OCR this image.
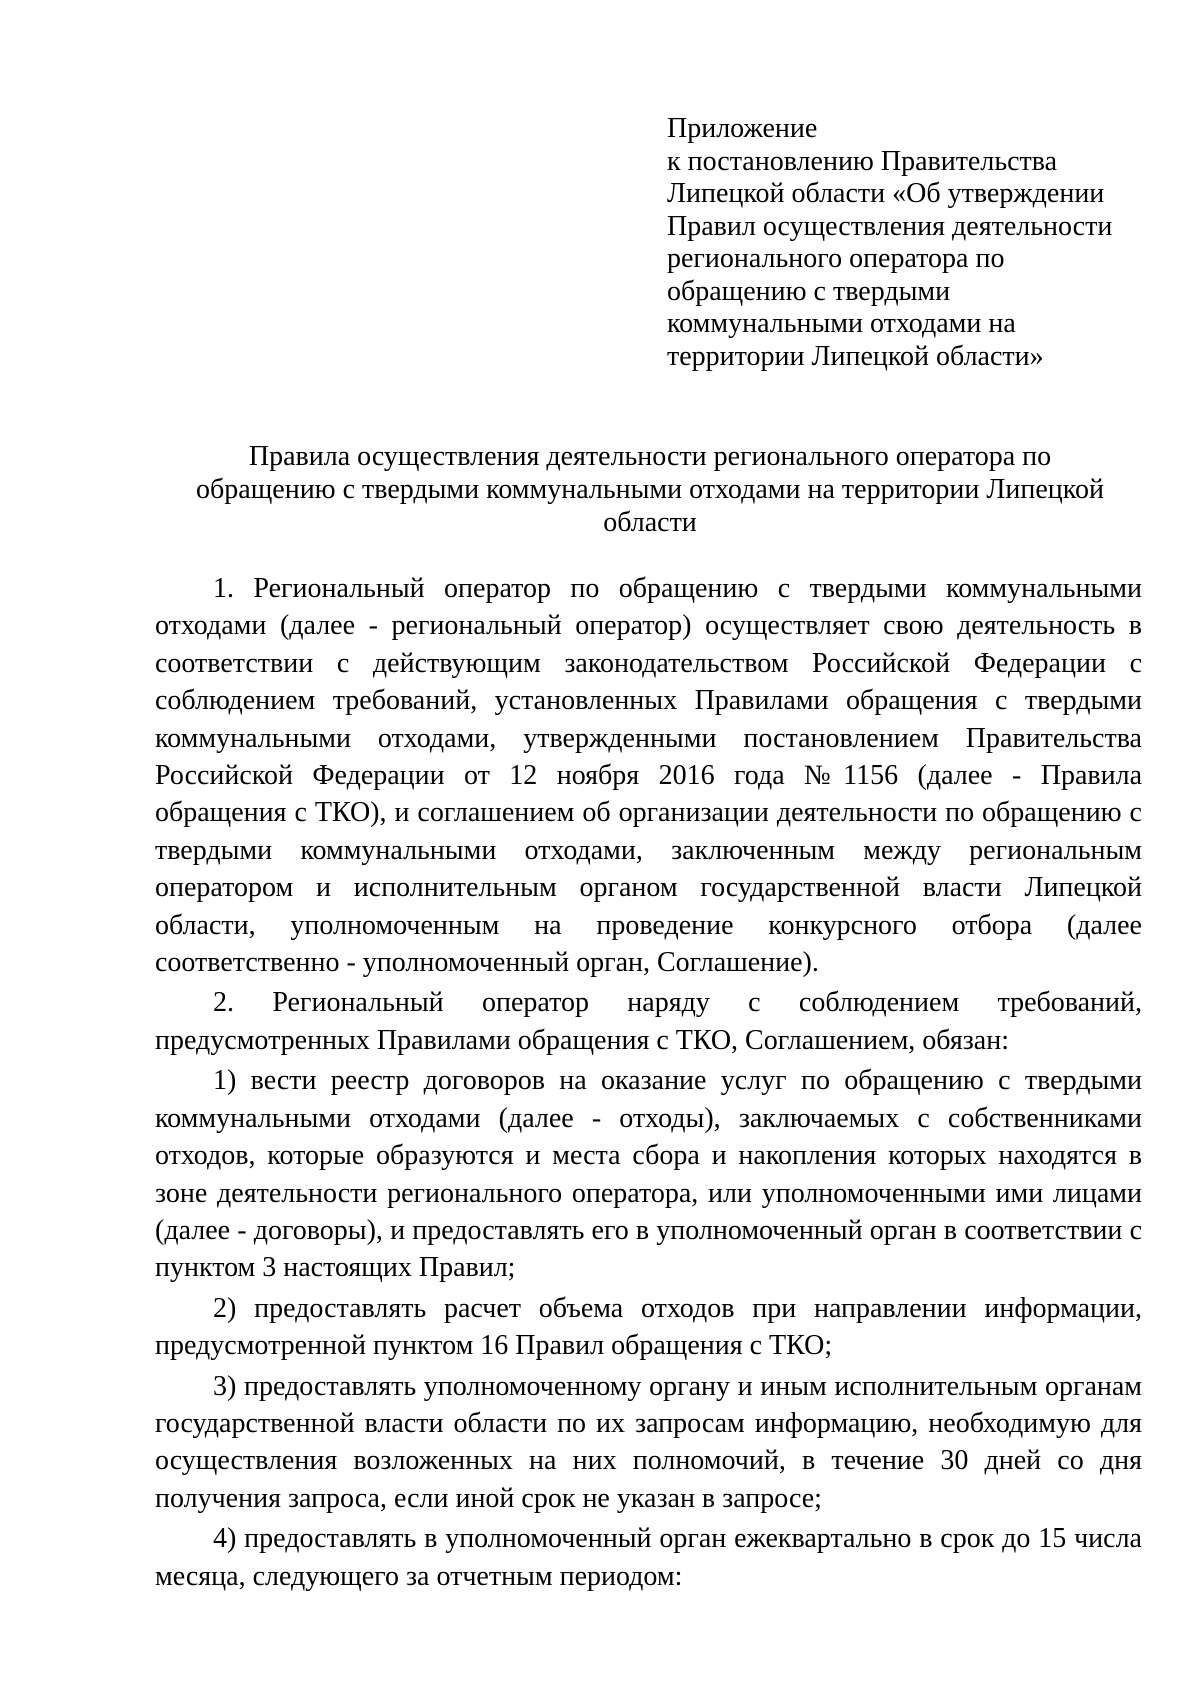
Приложение
к постановлению Правительства
Липецкой области «Об утверждении
Правил осуществления деятельности
регионального оператора по
обращению с твердыми
коммунальными отходами на
территории Липецкой области»
Правила осуществления деятельности регионального оператора по
обращению с твердыми коммунальными отходами на территории Липецкой
области

1. Региональный оператор по обращению с твердыми коммунальными отходами (далее - региональный оператор) осуществляет свою деятельность в соответствии с действующим законодательством Российской Федерации с соблюдением требований, установленных Правилами обращения с твердыми коммунальными отходами, утвержденными постановлением Правительства Российской Федерации от 12 ноября 2016 года №1156 (далее - Правила обращения с ТКО), и соглашением об организации деятельности по обращению с твердыми коммунальными отходами, заключенным между региональным оператором и исполнительным органом государственной власти Липецкой области, уполномоченным на проведение конкурсного отбора (далее соответственно - уполномоченный орган, Соглашение).

2. Региональный оператор наряду с соблюдением требований, предусмотренных Правилами обращения с ТКО, Соглашением, обязан:

1) вести реестр договоров на оказание услуг по обращению с твердыми коммунальными отходами (далее - отходы), заключаемых с собственниками отходов, которые образуются и места сбора и накопления которых находятся в зоне деятельности регионального оператора, или уполномоченными ими лицами (далее - договоры), и предоставлять его в уполномоченный орган в соответствии с пунктом 3 настоящих Правил;

2) предоставлять расчет объема отходов при направлении информации, предусмотренной пунктом 16 Правил обращения с ТКО;

3) предоставлять уполномоченному органу и иным исполнительным органам государственной власти области по их запросам информацию, необходимую для осуществления возложенных на них полномочий, в течение 30 дней со дня получения запроса, если иной срок не указан в запросе;

4) предоставлять в уполномоченный орган ежеквартально в срок до 15 числа месяца, следующего за отчетным периодом:
